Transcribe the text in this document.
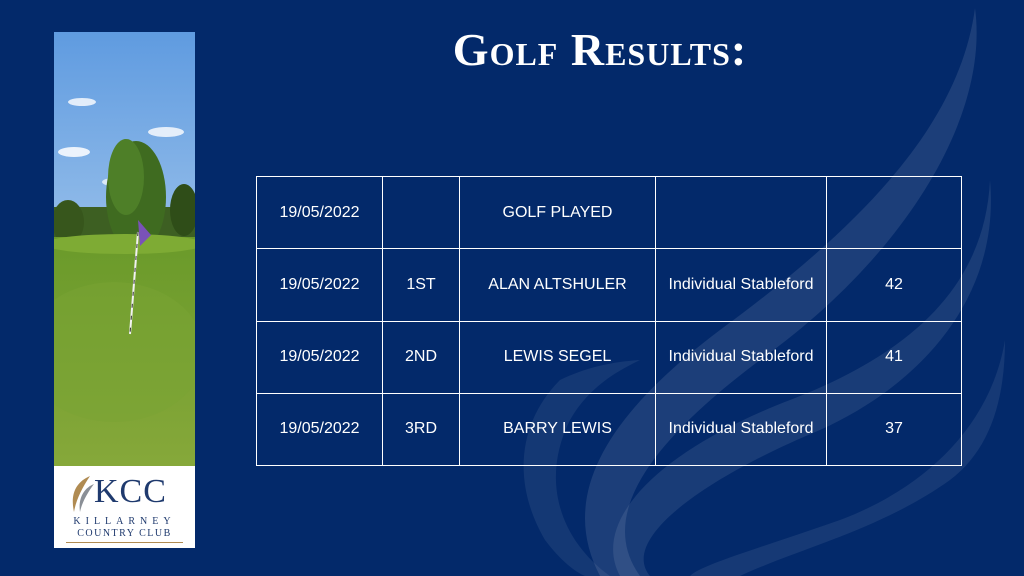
KCC
KILLARNEY
COUNTRY CLUB
Golf Results:
19/05/2022		GOLF PLAYED		
19/05/2022	1ST	ALAN ALTSHULER	Individual Stableford	42
19/05/2022	2ND	LEWIS SEGEL	Individual Stableford	41
19/05/2022	3RD	BARRY LEWIS	Individual Stableford	37
